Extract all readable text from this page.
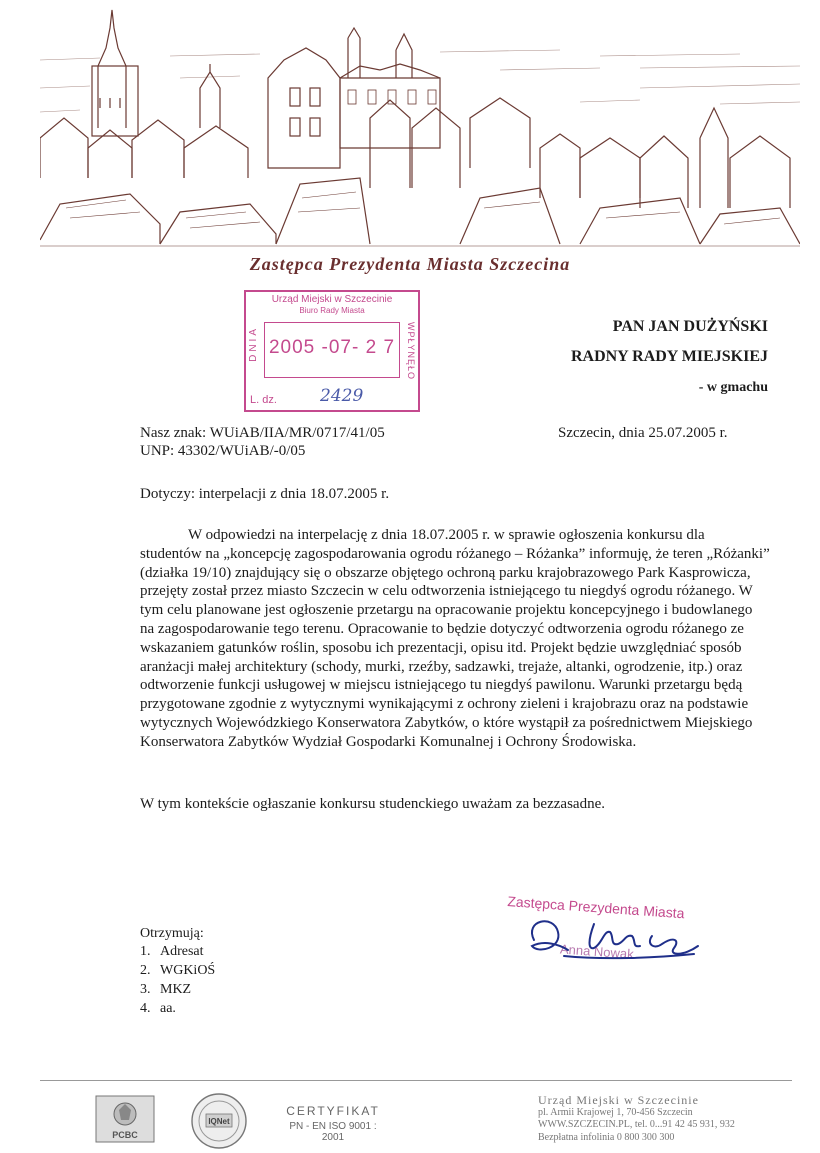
Zastępca Prezydenta Miasta Szczecina
Urząd Miejski w Szczecinie
Biuro Rady Miasta
DNIA	WPŁYNĘŁO
2005 -07- 2 7
L. dz.	2429
PAN JAN DUŻYŃSKI
RADNY RADY MIEJSKIEJ
- w gmachu
Nasz znak: WUiAB/IIA/MR/0717/41/05
UNP: 43302/WUiAB/-0/05
Szczecin, dnia 25.07.2005 r.
Dotyczy: interpelacji z dnia 18.07.2005 r.

W odpowiedzi na interpelację z dnia 18.07.2005 r. w sprawie ogłoszenia konkursu dla studentów na „koncepcję zagospodarowania ogrodu różanego – Różanka” informuję, że teren „Różanki” (działka 19/10) znajdujący się o obszarze objętego ochroną parku krajobrazowego Park Kasprowicza, przejęty został przez miasto Szczecin w celu odtworzenia istniejącego tu niegdyś ogrodu różanego. W tym celu planowane jest ogłoszenie przetargu na opracowanie projektu koncepcyjnego i budowlanego na zagospodarowanie tego terenu. Opracowanie to będzie dotyczyć odtworzenia ogrodu różanego ze wskazaniem gatunków roślin, sposobu ich prezentacji, opisu itd. Projekt będzie uwzględniać sposób aranżacji małej architektury (schody, murki, rzeźby, sadzawki, trejaże, altanki, ogrodzenie, itp.) oraz odtworzenie funkcji usługowej w miejscu istniejącego tu niegdyś pawilonu. Warunki przetargu będą przygotowane zgodnie z wytycznymi wynikającymi z ochrony zieleni i krajobrazu oraz na podstawie wytycznych Wojewódzkiego Konserwatora Zabytków, o które wystąpił za pośrednictwem Miejskiego Konserwatora Zabytków Wydział Gospodarki Komunalnej i Ochrony Środowiska.

W tym kontekście ogłaszanie konkursu studenckiego uważam za bezzasadne.
Otrzymują:
1. Adresat
2. WGKiOŚ
3. MKZ
4. aa.
Zastępca Prezydenta Miasta
Anna Nowak
PCBC
IQNet
CERTYFIKAT
PN - EN ISO 9001 : 2001
Urząd Miejski w Szczecinie
pl. Armii Krajowej 1, 70-456 Szczecin
WWW.SZCZECIN.PL, tel. 0...91 42 45 931, 932
Bezpłatna infolinia 0 800 300 300
